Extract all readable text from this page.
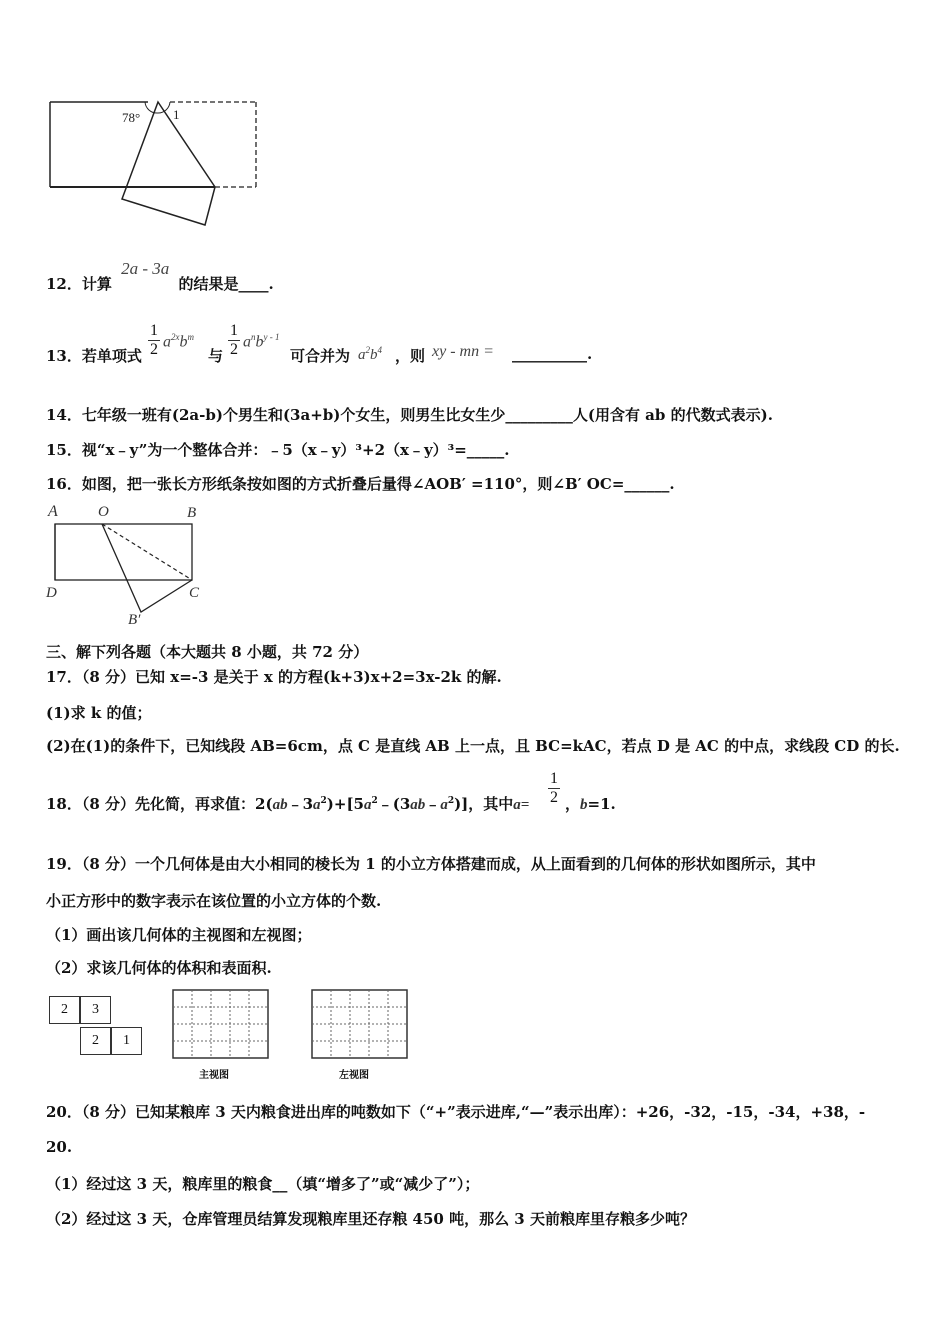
78°	1
12．计算 2a - 3a 的结果是____.
13．若单项式 $\frac{1}{2} a^{2x}b^m$
与 $\frac{1}{2} a^nb^{y - 1}$
可合并为 $a^2b^4$ ，则 xy - mn = __________.
14．七年级一班有(2a-b)个男生和(3a+b)个女生，则男生比女生少_________人(用含有 ab 的代数式表示).
15．视“x﹣y”为一个整体合并：﹣5（x﹣y）³+2（x﹣y）³=_____.
16．如图，把一张长方形纸条按如图的方式折叠后量得∠AOB′ =110°，则∠B′ OC=______.
A	O	B
D	C
B′
三、解下列各题（本大题共 8 小题，共 72 分）
17．（8 分）已知 x=-3 是关于 x 的方程(k+3)x+2=3x-2k 的解.
(1)求 k 的值；
(2)在(1)的条件下，已知线段 AB=6cm，点 C 是直线 AB 上一点，且 BC=kAC，若点 D 是 AC 的中点，求线段 CD 的长.
18．（8 分）先化简，再求值：$2(ab﹣3a^2)+[5a^2﹣(3ab﹣a^2)]$，其中$a= \frac{1}{2}$ ，b=1.
19．（8 分）一个几何体是由大小相同的棱长为 1 的小立方体搭建而成，从上面看到的几何体的形状如图所示，其中
小正方形中的数字表示在该位置的小立方体的个数.
（1）画出该几何体的主视图和左视图；
（2）求该几何体的体积和表面积.
2	3
2	1
主视图	左视图
20．（8 分）已知某粮库 3 天内粮食进出库的吨数如下（“+”表示进库,“—”表示出库）：+26，-32，-15，-34，+38，-
20.
（1）经过这 3 天，粮库里的粮食__（填“增多了”或“减少了”）；
（2）经过这 3 天，仓库管理员结算发现粮库里还存粮 450 吨，那么 3 天前粮库里存粮多少吨？
